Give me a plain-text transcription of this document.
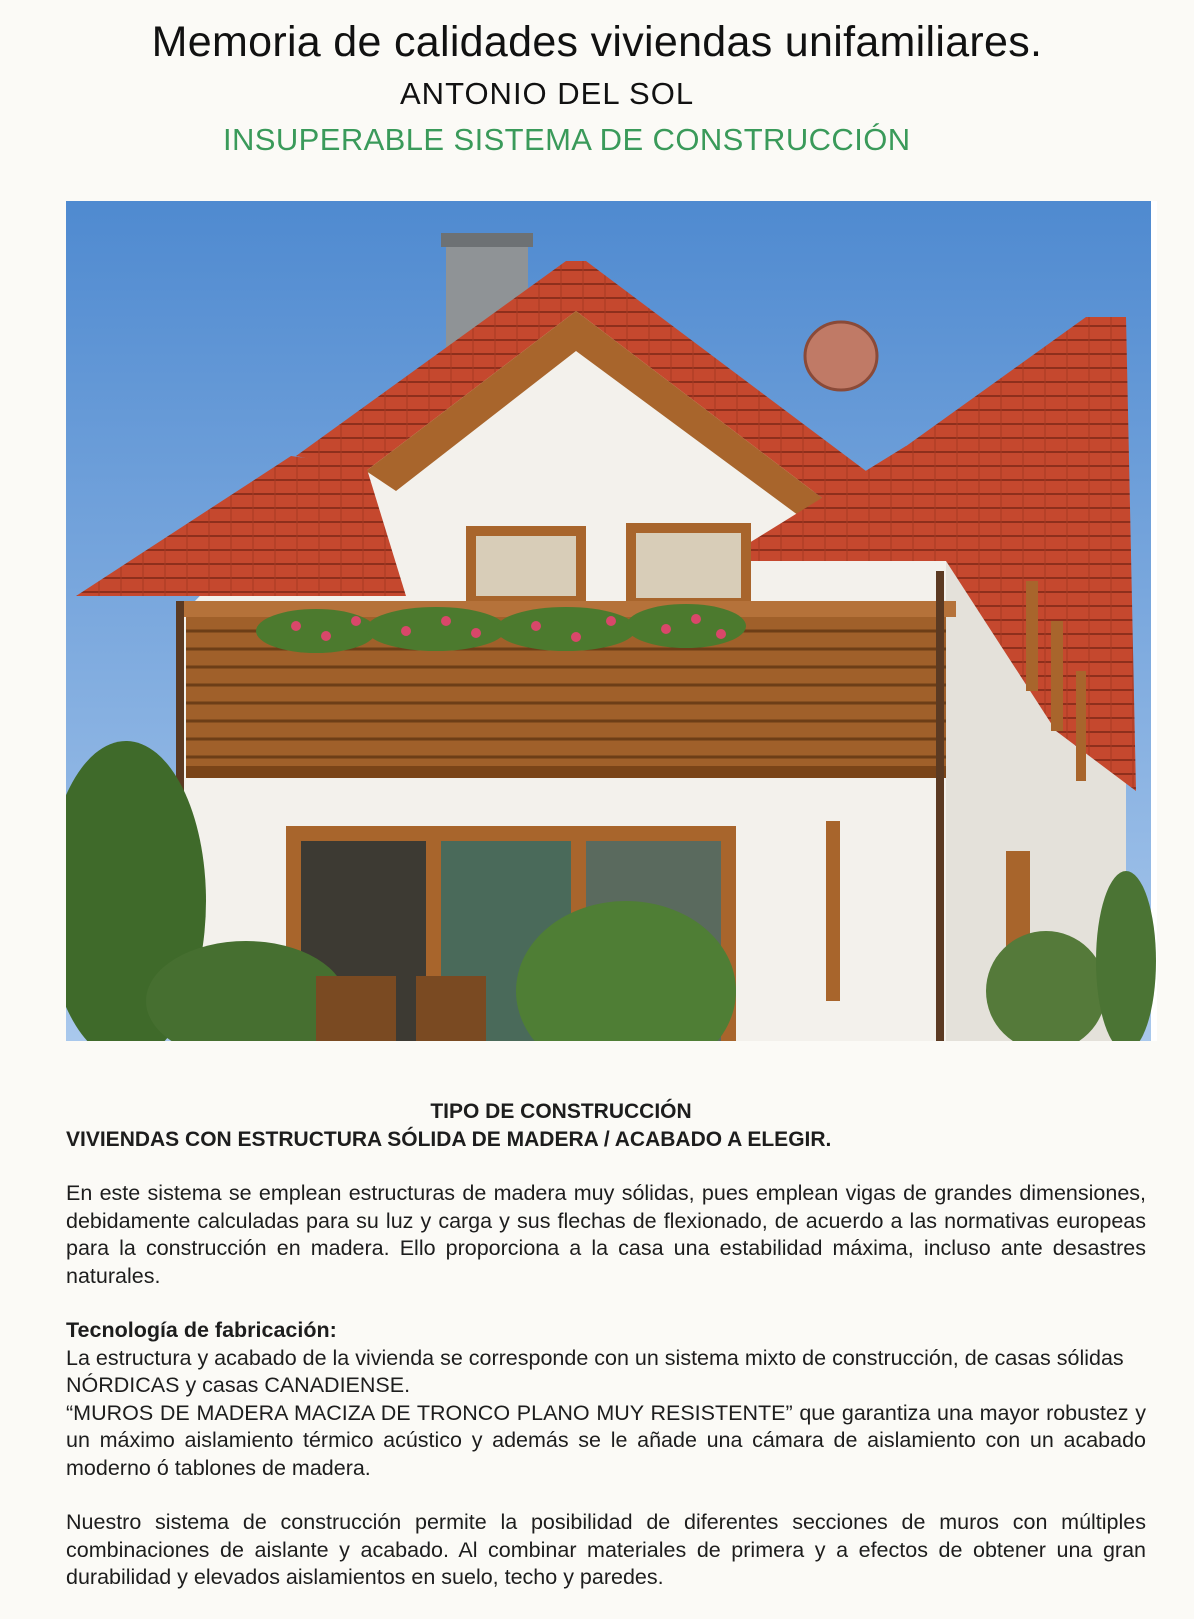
Memoria de calidades viviendas unifamiliares.
ANTONIO DEL SOL
INSUPERABLE SISTEMA DE CONSTRUCCIÓN

TIPO DE CONSTRUCCIÓN

VIVIENDAS CON ESTRUCTURA SÓLIDA DE MADERA / ACABADO A ELEGIR.

En este sistema se emplean estructuras de madera muy sólidas, pues emplean vigas de grandes dimensiones, debidamente calculadas para su luz y carga y sus flechas de flexionado, de acuerdo a las normativas europeas para la construcción en madera. Ello proporciona a la casa una estabilidad máxima, incluso ante desastres naturales.

Tecnología de fabricación:

La estructura y acabado de la vivienda se corresponde con un sistema mixto de construcción, de casas sólidas NÓRDICAS y casas CANADIENSE.

“MUROS DE MADERA MACIZA DE TRONCO PLANO MUY RESISTENTE” que garantiza una mayor robustez y un máximo aislamiento térmico acústico y además se le añade una cámara de aislamiento con un acabado moderno ó tablones de madera.

Nuestro sistema de construcción permite la posibilidad de diferentes secciones de muros con múltiples combinaciones de aislante y acabado. Al combinar materiales de primera y a efectos de obtener una gran durabilidad y elevados aislamientos en suelo, techo y paredes.
